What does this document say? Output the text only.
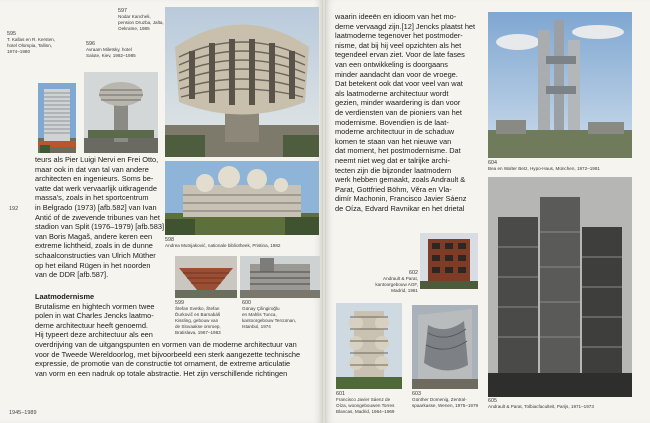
595
T. Kallas en R. Kersten,
hotel Olümpia, Tallinn,
1974–1980
596
Avraam Miletsky, hotel
Salute, Kiev, 1982–1985
597
Nodar Kancheli,
pension Druzba, Jalta,
Oekraïne, 1985
598
Andrea Mutnjaković, nationale bibliotheek, Pristina, 1982
599
Štefan Svetko, Štefan
Ďurkovič en Barnabáš
Kissling, gebouw van
de Slovaakse omroep,
Bratislava, 1967–1983
600
Günay Çilingiroğlu
en Mahlis Tunca,
kantoorgebouw Tercüman,
Istanbul, 1974
192
teurs als Pier Luigi Nervi en Frei Otto,
maar ook in dat van tal van andere
architecten en ingenieurs. Soms be-
vatte dat werk vervaarlijk uitkragende
massa's, zoals in het sportcentrum
in Belgrado (1973) [afb.582] van Ivan
Antić of de zwevende tribunes van het
stadion van Split (1976–1979) [afb.583]
van Boris Magaš, andere keren een
extreme lichtheid, zoals in de dunne
schaalconstructies van Ulrich Müther
op het eiland Rügen in het noorden
van de DDR [afb.587].
Laatmodernisme
Brutalisme en hightech vormen twee
polen in wat Charles Jencks laatmo-
derne architectuur heeft genoemd.
Hij typeert deze architectuur als een
overdrijving van de uitgangspunten en vormen van de moderne architectuur van
voor de Tweede Wereldoorlog, met bijvoorbeeld een sterk aangezette technische
expressie, de promotie van de constructie tot ornament, de extreme articulatie
van vorm en een nadruk op totale abstractie. Het zijn verschillende richtingen
1945–1989
waarin ideeën en idioom van het mo-
derne vervaagd zijn.[12] Jencks plaatst het
laatmoderne tegenover het postmoder-
nisme, dat bij hij veel opzichten als het
tegendeel ervan ziet. Voor de late fases
van een ontwikkeling is doorgaans
minder aandacht dan voor de vroege.
Dat betekent ook dat voor veel van wat
als laatmoderne architectuur wordt
gezien, minder waardering is dan voor
de verdiensten van de pioniers van het
modernisme. Bovendien is de laat-
moderne architectuur in de schaduw
komen te staan van het nieuwe van
dat moment, het postmodernisme. Dat
neemt niet weg dat er talrijke archi-
tecten zijn die bijzonder laatmodern
werk hebben gemaakt, zoals Andrault &
Parat, Gottfried Böhm, Věra en Vla-
dimír Machonin, Francisco Javier Sáenz
de Oíza, Edvard Ravnikar en het drietal
604
Bea en Walter Betz, Hypo-Haus, München, 1972–1981
605
Andrault & Parat, Tolbiacfaculteit, Parijs, 1971–1973
602
Andrault & Parat,
kantoorgebouw AGF,
Madrid, 1981
601
Francisco Javier Sáenz de
Oíza, woongebouwen Torres
Blancas, Madrid, 1964–1969
603
Günther Domenig, Zentral-
spaarkasse, Wenen, 1975–1979
